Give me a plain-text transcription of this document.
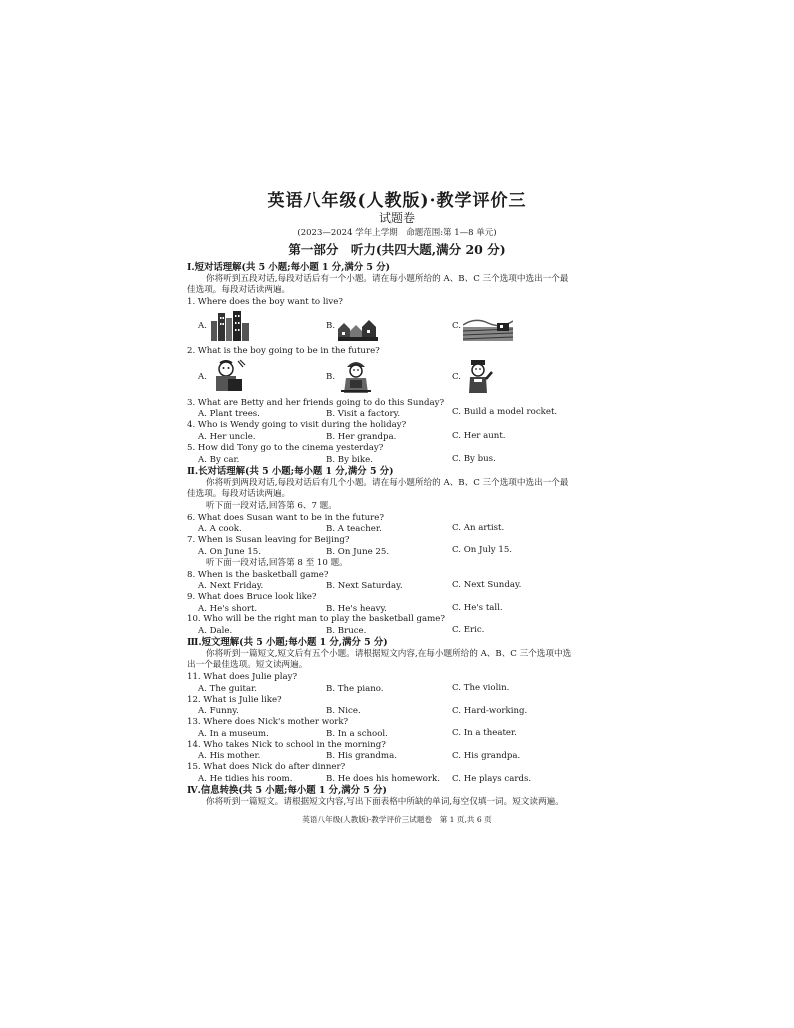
英语八年级(人教版)·教学评价三
试题卷
(2023—2024 学年上学期　命题范围:第 1—8 单元)
第一部分　听力(共四大题,满分 20 分)
Ⅰ.短对话理解(共 5 小题;每小题 1 分,满分 5 分)
你将听到五段对话,每段对话后有一个小题。请在每小题所给的 A、B、C 三个选项中选出一个最
佳选项。每段对话读两遍。
1. Where does the boy want to live?
A.	B.	C.
2. What is the boy going to be in the future?
A.	B.	C.
3. What are Betty and her friends going to do this Sunday?
A. Plant trees.	B. Visit a factory.	C. Build a model rocket.
4. Who is Wendy going to visit during the holiday?
A. Her uncle.	B. Her grandpa.	C. Her aunt.
5. How did Tony go to the cinema yesterday?
A. By car.	B. By bike.	C. By bus.
Ⅱ.长对话理解(共 5 小题;每小题 1 分,满分 5 分)
你将听到两段对话,每段对话后有几个小题。请在每小题所给的 A、B、C 三个选项中选出一个最
佳选项。每段对话读两遍。
听下面一段对话,回答第 6、7 题。
6. What does Susan want to be in the future?
A. A cook.	B. A teacher.	C. An artist.
7. When is Susan leaving for Beijing?
A. On June 15.	B. On June 25.	C. On July 15.
听下面一段对话,回答第 8 至 10 题。
8. When is the basketball game?
A. Next Friday.	B. Next Saturday.	C. Next Sunday.
9. What does Bruce look like?
A. He's short.	B. He's heavy.	C. He's tall.
10. Who will be the right man to play the basketball game?
A. Dale.	B. Bruce.	C. Eric.
Ⅲ.短文理解(共 5 小题;每小题 1 分,满分 5 分)
你将听到一篇短文,短文后有五个小题。请根据短文内容,在每小题所给的 A、B、C 三个选项中选
出一个最佳选项。短文读两遍。
11. What does Julie play?
A. The guitar.	B. The piano.	C. The violin.
12. What is Julie like?
A. Funny.	B. Nice.	C. Hard-working.
13. Where does Nick's mother work?
A. In a museum.	B. In a school.	C. In a theater.
14. Who takes Nick to school in the morning?
A. His mother.	B. His grandma.	C. His grandpa.
15. What does Nick do after dinner?
A. He tidies his room.	B. He does his homework. C. He plays cards.
Ⅳ.信息转换(共 5 小题;每小题 1 分,满分 5 分)
你将听到一篇短文。请根据短文内容,写出下面表格中所缺的单词,每空仅填一词。短文读两遍。
英语八年级(人教版)·教学评价三试题卷　第 1 页,共 6 页
